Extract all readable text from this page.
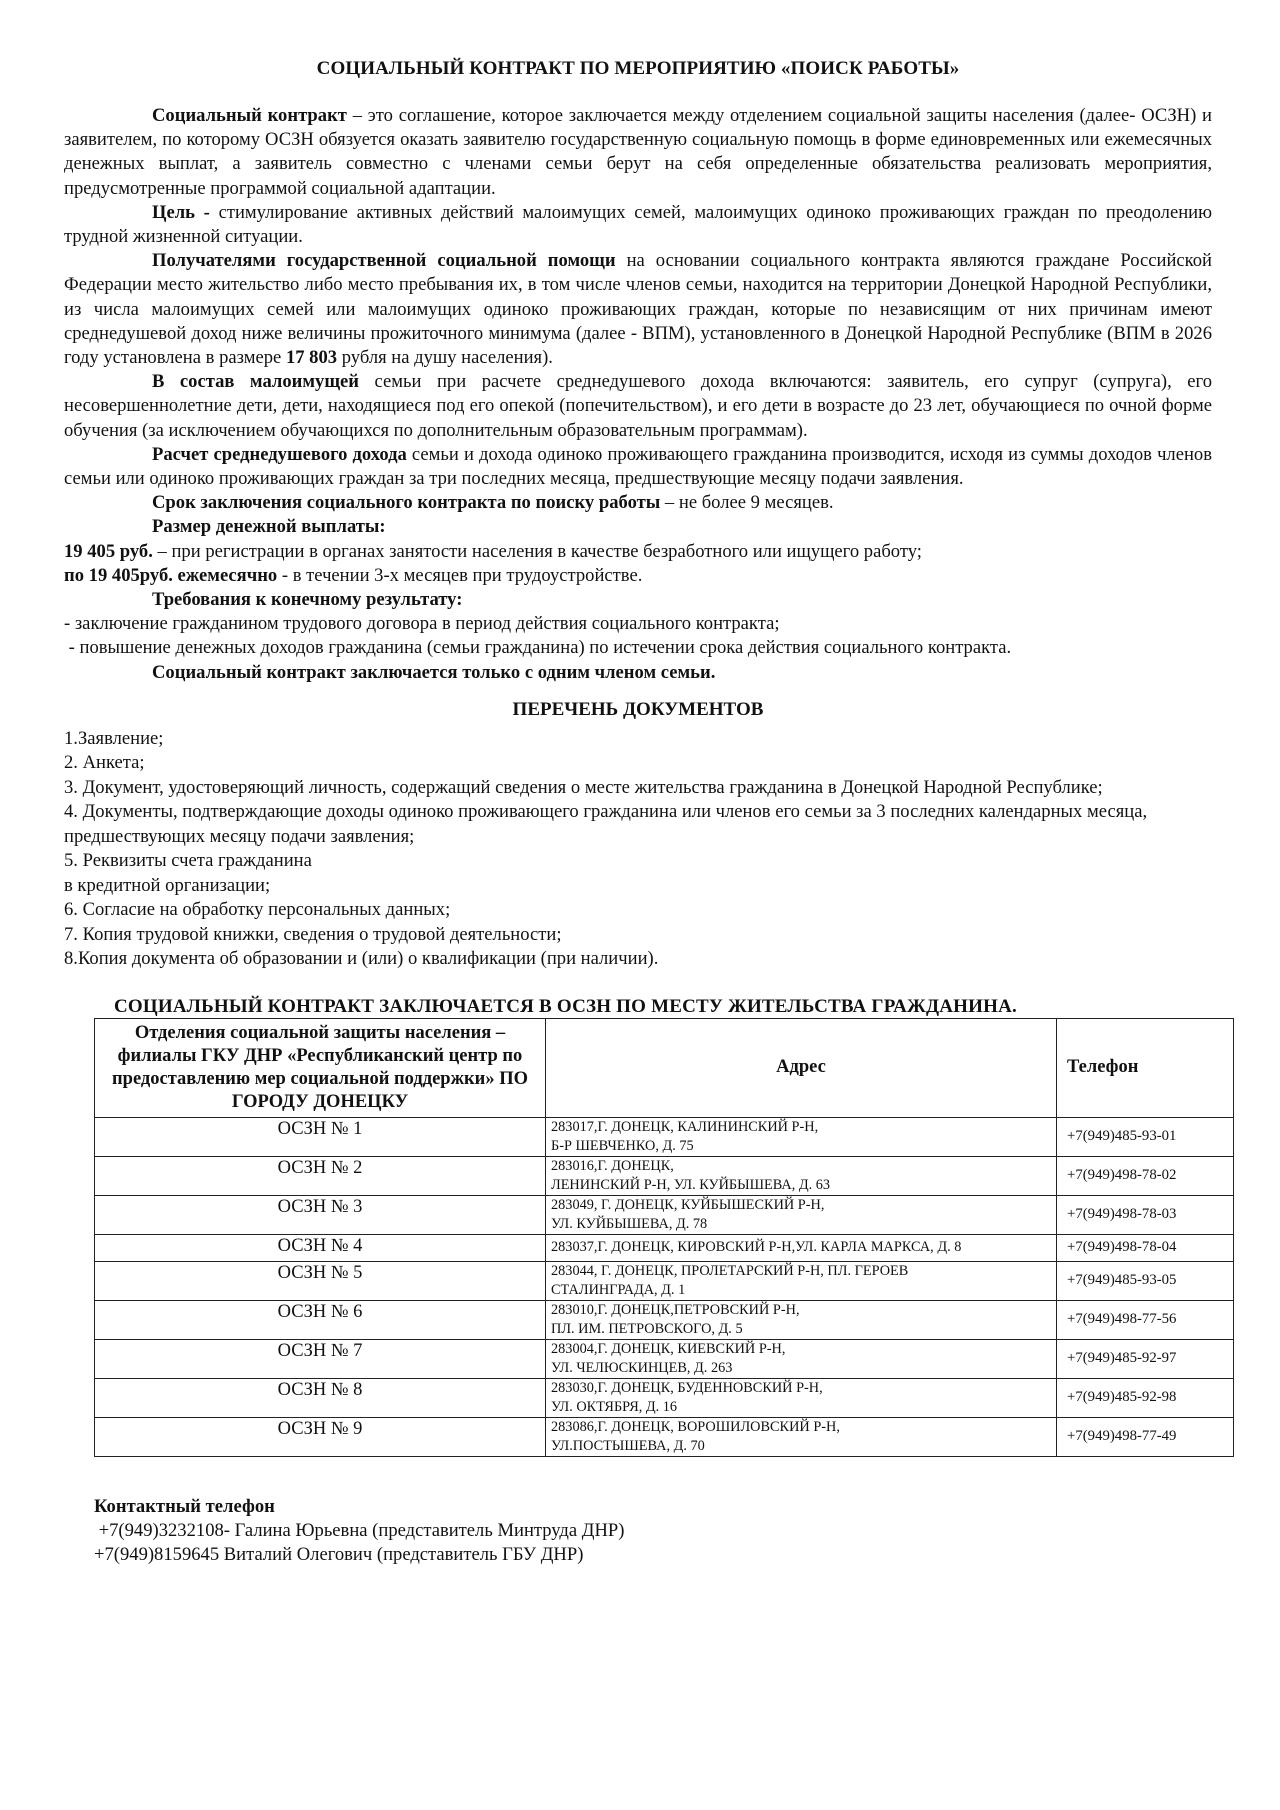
СОЦИАЛЬНЫЙ КОНТРАКТ ПО МЕРОПРИЯТИЮ «ПОИСК РАБОТЫ»

Социальный контракт – это соглашение, которое заключается между отделением социальной защиты населения (далее- ОСЗН) и заявителем, по которому ОСЗН обязуется оказать заявителю государственную социальную помощь в форме единовременных или ежемесячных денежных выплат, а заявитель совместно с членами семьи берут на себя определенные обязательства реализовать мероприятия, предусмотренные программой социальной адаптации.

Цель - стимулирование активных действий малоимущих семей, малоимущих одиноко проживающих граждан по преодолению трудной жизненной ситуации.

Получателями государственной социальной помощи на основании социального контракта являются граждане Российской Федерации место жительство либо место пребывания их, в том числе членов семьи, находится на территории Донецкой Народной Республики, из числа малоимущих семей или малоимущих одиноко проживающих граждан, которые по независящим от них причинам имеют среднедушевой доход ниже величины прожиточного минимума (далее - ВПМ), установленного в Донецкой Народной Республике (ВПМ в 2026 году установлена в размере 17 803 рубля на душу населения).

В состав малоимущей семьи при расчете среднедушевого дохода включаются: заявитель, его супруг (супруга), его несовершеннолетние дети, дети, находящиеся под его опекой (попечительством), и его дети в возрасте до 23 лет, обучающиеся по очной форме обучения (за исключением обучающихся по дополнительным образовательным программам).

Расчет среднедушевого дохода семьи и дохода одиноко проживающего гражданина производится, исходя из суммы доходов членов семьи или одиноко проживающих граждан за три последних месяца, предшествующие месяцу подачи заявления.

Срок заключения социального контракта по поиску работы – не более 9 месяцев.

Размер денежной выплаты:

19 405 руб. – при регистрации в органах занятости населения в качестве безработного или ищущего работу;

по 19 405руб. ежемесячно - в течении 3-х месяцев при трудоустройстве.

Требования к конечному результату:

- заключение гражданином трудового договора в период действия социального контракта;

- повышение денежных доходов гражданина (семьи гражданина) по истечении срока действия социального контракта.

Социальный контракт заключается только с одним членом семьи.

ПЕРЕЧЕНЬ ДОКУМЕНТОВ
1.Заявление;
2. Анкета;
3. Документ, удостоверяющий личность, содержащий сведения о месте жительства гражданина в Донецкой Народной Республике;
4. Документы, подтверждающие доходы одиноко проживающего гражданина или членов его семьи за 3 последних календарных месяца, предшествующих месяцу подачи заявления;
5. Реквизиты счета гражданина
в кредитной организации;
6. Согласие на обработку персональных данных;
7. Копия трудовой книжки, сведения о трудовой деятельности;
8.Копия документа об образовании и (или) о квалификации (при наличии).
СОЦИАЛЬНЫЙ КОНТРАКТ ЗАКЛЮЧАЕТСЯ В ОСЗН ПО МЕСТУ ЖИТЕЛЬСТВА ГРАЖДАНИНА.
Отделения социальной защиты населения – филиалы ГКУ ДНР «Республиканский центр по предоставлению мер социальной поддержки» ПО ГОРОДУ ДОНЕЦКУ	Адрес	Телефон
ОСЗН № 1	283017,Г. ДОНЕЦК, КАЛИНИНСКИЙ Р-Н,
Б-Р ШЕВЧЕНКО, Д. 75	+7(949)485-93-01
ОСЗН № 2	283016,Г. ДОНЕЦК,
ЛЕНИНСКИЙ Р-Н, УЛ. КУЙБЫШЕВА, Д. 63	+7(949)498-78-02
ОСЗН № 3	283049, Г. ДОНЕЦК, КУЙБЫШЕСКИЙ Р-Н,
УЛ. КУЙБЫШЕВА, Д. 78	+7(949)498-78-03
ОСЗН № 4	283037,Г. ДОНЕЦК, КИРОВСКИЙ Р-Н,УЛ. КАРЛА МАРКСА, Д. 8	+7(949)498-78-04
ОСЗН № 5	283044, Г. ДОНЕЦК, ПРОЛЕТАРСКИЙ Р-Н, ПЛ. ГЕРОЕВ
СТАЛИНГРАДА, Д. 1	+7(949)485-93-05
ОСЗН № 6	283010,Г. ДОНЕЦК,ПЕТРОВСКИЙ Р-Н,
ПЛ. ИМ. ПЕТРОВСКОГО, Д. 5	+7(949)498-77-56
ОСЗН № 7	283004,Г. ДОНЕЦК, КИЕВСКИЙ Р-Н,
УЛ. ЧЕЛЮСКИНЦЕВ, Д. 263	+7(949)485-92-97
ОСЗН № 8	283030,Г. ДОНЕЦК, БУДЕННОВСКИЙ Р-Н,
УЛ. ОКТЯБРЯ, Д. 16	+7(949)485-92-98
ОСЗН № 9	283086,Г. ДОНЕЦК, ВОРОШИЛОВСКИЙ Р-Н,
УЛ.ПОСТЫШЕВА, Д. 70	+7(949)498-77-49
Контактный телефон
+7(949)3232108- Галина Юрьевна (представитель Минтруда ДНР)
+7(949)8159645 Виталий Олегович (представитель ГБУ ДНР)
